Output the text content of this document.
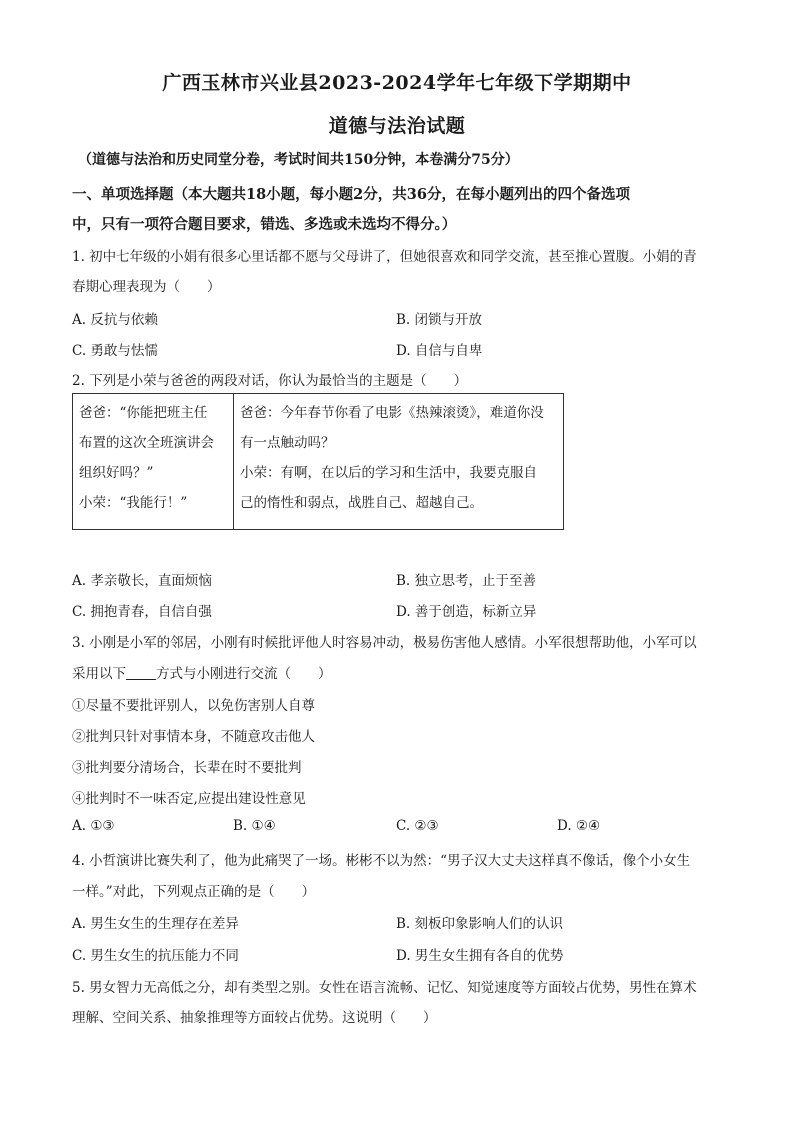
广西玉林市兴业县2023-2024学年七年级下学期期中
道德与法治试题
（道德与法治和历史同堂分卷，考试时间共150分钟，本卷满分75分）
一、单项选择题（本大题共18小题，每小题2分，共36分，在每小题列出的四个备选项
中，只有一项符合题目要求，错选、多选或未选均不得分。）
1. 初中七年级的小娟有很多心里话都不愿与父母讲了，但她很喜欢和同学交流，甚至推心置腹。小娟的青
春期心理表现为（　　）
A. 反抗与依赖	B. 闭锁与开放
C. 勇敢与怯懦	D. 自信与自卑
2. 下列是小荣与爸爸的两段对话，你认为最恰当的主题是（　　）
爸爸：“你能把班主任
布置的这次全班演讲会
组织好吗？”
小荣：“我能行！”

爸爸：今年春节你看了电影《热辣滚烫》，难道你没
有一点触动吗？
小荣：有啊，在以后的学习和生活中，我要克服自
己的惰性和弱点，战胜自己、超越自己。
A. 孝亲敬长，直面烦恼	B. 独立思考，止于至善
C. 拥抱青春，自信自强	D. 善于创造，标新立异
3. 小刚是小军的邻居，小刚有时候批评他人时容易冲动，极易伤害他人感情。小军很想帮助他，小军可以
采用以下 方式与小刚进行交流（　　）
①尽量不要批评别人，以免伤害别人自尊
②批判只针对事情本身，不随意攻击他人
③批判要分清场合，长辈在时不要批判
④批判时不一味否定,应提出建设性意见
A. ①③	B. ①④	C. ②③	D. ②④
4. 小哲演讲比赛失利了，他为此痛哭了一场。彬彬不以为然：“男子汉大丈夫这样真不像话，像个小女生
一样。”对此，下列观点正确的是（　　）
A. 男生女生的生理存在差异	B. 刻板印象影响人们的认识
C. 男生女生的抗压能力不同	D. 男生女生拥有各自的优势
5. 男女智力无高低之分，却有类型之别。女性在语言流畅、记忆、知觉速度等方面较占优势，男性在算术
理解、空间关系、抽象推理等方面较占优势。这说明（　　）
